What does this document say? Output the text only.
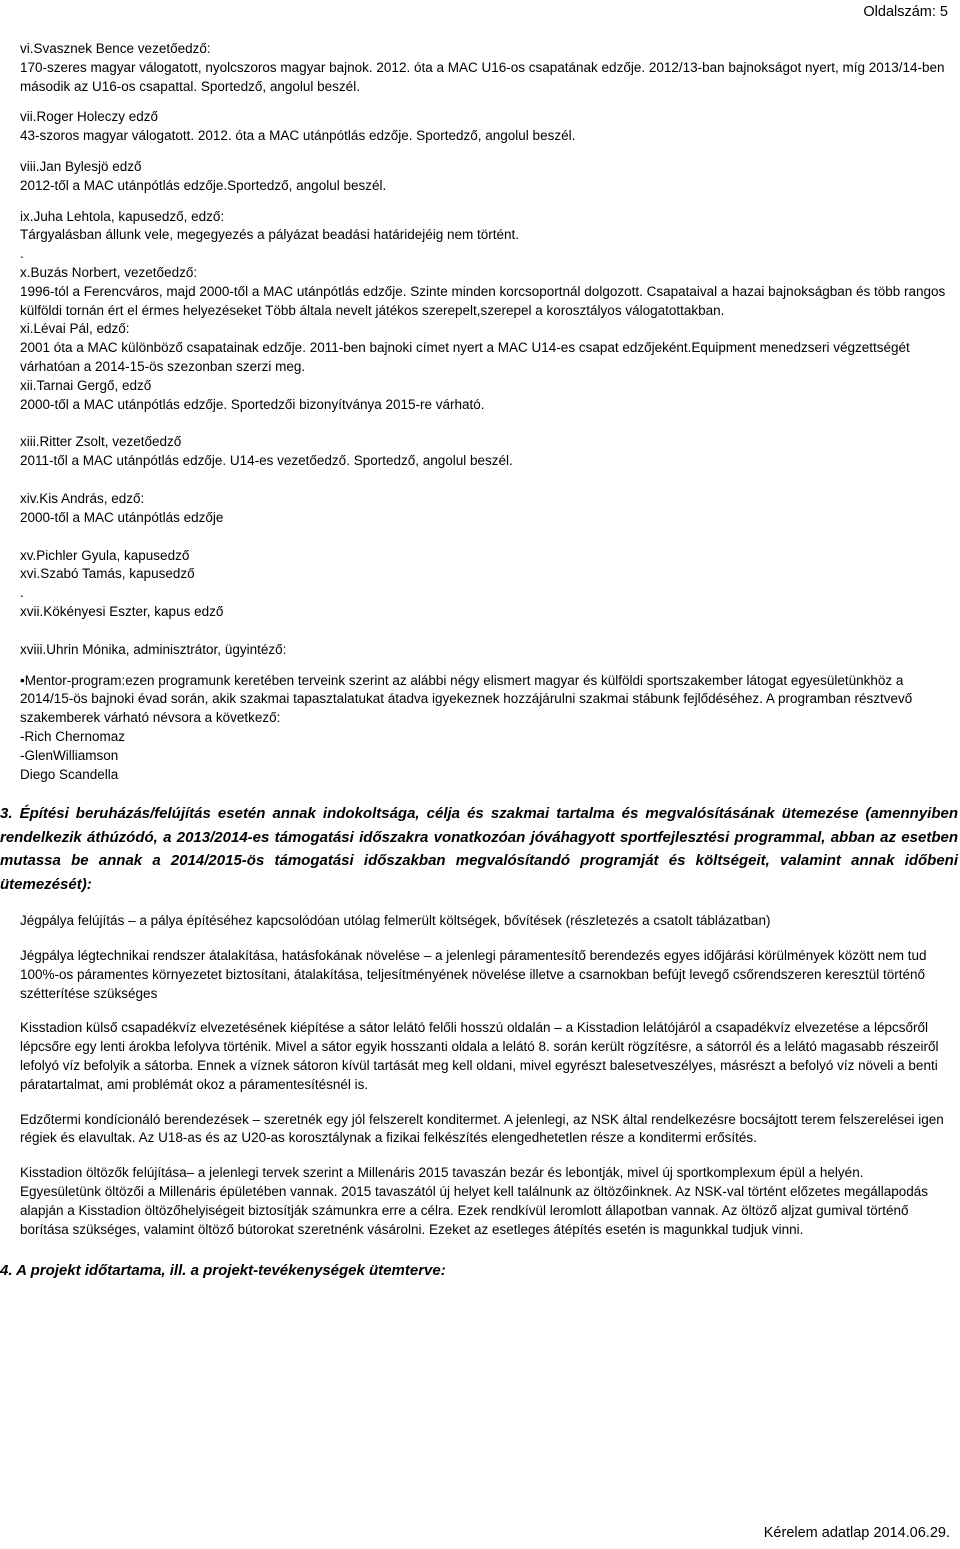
Oldalszám: 5

vi.Svasznek Bence vezetőedző:

170-szeres magyar válogatott, nyolcszoros magyar bajnok. 2012. óta a MAC U16-os csapatának edzője. 2012/13-ban bajnokságot nyert, míg 2013/14-ben második az U16-os csapattal. Sportedző, angolul beszél.

vii.Roger Holeczy edző

43-szoros magyar válogatott. 2012. óta a MAC utánpótlás edzője. Sportedző, angolul beszél.

viii.Jan Bylesjö edző

2012-től a MAC utánpótlás edzője.Sportedző, angolul beszél.

ix.Juha Lehtola, kapusedző, edző:

Tárgyalásban állunk vele, megegyezés a pályázat beadási határidejéig nem történt.

.

x.Buzás Norbert, vezetőedző:

1996-tól a Ferencváros, majd 2000-től a MAC utánpótlás edzője. Szinte minden korcsoportnál dolgozott. Csapataival a hazai bajnokságban és több rangos külföldi tornán ért el érmes helyezéseket Több általa nevelt játékos szerepelt,szerepel a korosztályos válogatottakban.

xi.Lévai Pál, edző:

2001 óta a MAC különböző csapatainak edzője. 2011-ben bajnoki címet nyert a MAC U14-es csapat edzőjeként.Equipment menedzseri végzettségét várhatóan a 2014-15-ös szezonban szerzi meg.

xii.Tarnai Gergő, edző

2000-től a MAC utánpótlás edzője. Sportedzői bizonyítványa 2015-re várható.

xiii.Ritter Zsolt, vezetőedző

2011-től a MAC utánpótlás edzője. U14-es vezetőedző. Sportedző, angolul beszél.

xiv.Kis András, edző:

2000-től a MAC utánpótlás edzője

xv.Pichler Gyula, kapusedző

xvi.Szabó Tamás, kapusedző

.

xvii.Kökényesi Eszter, kapus edző

xviii.Uhrin Mónika, adminisztrátor, ügyintéző:

•Mentor-program:ezen programunk keretében terveink szerint az alábbi négy elismert magyar és külföldi sportszakember látogat egyesületünkhöz a 2014/15-ös bajnoki évad során, akik szakmai tapasztalatukat átadva igyekeznek hozzájárulni szakmai stábunk fejlődéséhez. A programban résztvevő szakemberek várható névsora a következő:

-Rich Chernomaz

-GlenWilliamson

Diego Scandella

3. Építési beruházás/felújítás esetén annak indokoltsága, célja és szakmai tartalma és megvalósításának ütemezése (amennyiben rendelkezik áthúzódó, a 2013/2014-es támogatási időszakra vonatkozóan jóváhagyott sportfejlesztési programmal, abban az esetben mutassa be annak a 2014/2015-ös támogatási időszakban megvalósítandó programját és költségeit, valamint annak időbeni ütemezését):

Jégpálya felújítás – a pálya építéséhez kapcsolódóan utólag felmerült költségek, bővítések (részletezés a csatolt táblázatban)

Jégpálya légtechnikai rendszer átalakítása, hatásfokának növelése – a jelenlegi páramentesítő berendezés egyes időjárási körülmények között nem tud 100%-os páramentes környezetet biztosítani, átalakítása, teljesítményének növelése illetve a csarnokban befújt levegő csőrendszeren keresztül történő szétterítése szükséges

Kisstadion külső csapadékvíz elvezetésének kiépítése a sátor lelátó felőli hosszú oldalán – a Kisstadion lelátójáról a csapadékvíz elvezetése a lépcsőről lépcsőre egy lenti árokba lefolyva történik. Mivel a sátor egyik hosszanti oldala a lelátó 8. során került rögzítésre, a sátorról és a lelátó magasabb részeiről lefolyó víz befolyik a sátorba. Ennek a víznek sátoron kívül tartását meg kell oldani, mivel egyrészt balesetveszélyes, másrészt a befolyó víz növeli a benti páratartalmat, ami problémát okoz a páramentesítésnél is.

Edzőtermi kondícionáló berendezések – szeretnék egy jól felszerelt konditermet. A jelenlegi, az NSK által rendelkezésre bocsájtott terem felszerelései igen régiek és elavultak. Az U18-as és az U20-as korosztálynak a fizikai felkészítés elengedhetetlen része a konditermi erősítés.

Kisstadion öltözők felújítása– a jelenlegi tervek szerint a Millenáris 2015 tavaszán bezár és lebontják, mivel új sportkomplexum épül a helyén. Egyesületünk öltözői a Millenáris épületében vannak. 2015 tavaszától új helyet kell találnunk az öltözőinknek. Az NSK-val történt előzetes megállapodás alapján a Kisstadion öltözőhelyiségeit biztosítják számunkra erre a célra. Ezek rendkívül leromlott állapotban vannak. Az öltöző aljzat gumival történő borítása szükséges, valamint öltöző bútorokat szeretnénk vásárolni. Ezeket az esetleges átépítés esetén is magunkkal tudjuk vinni.

4. A projekt időtartama, ill. a projekt-tevékenységek ütemterve:

Kérelem adatlap 2014.06.29.
